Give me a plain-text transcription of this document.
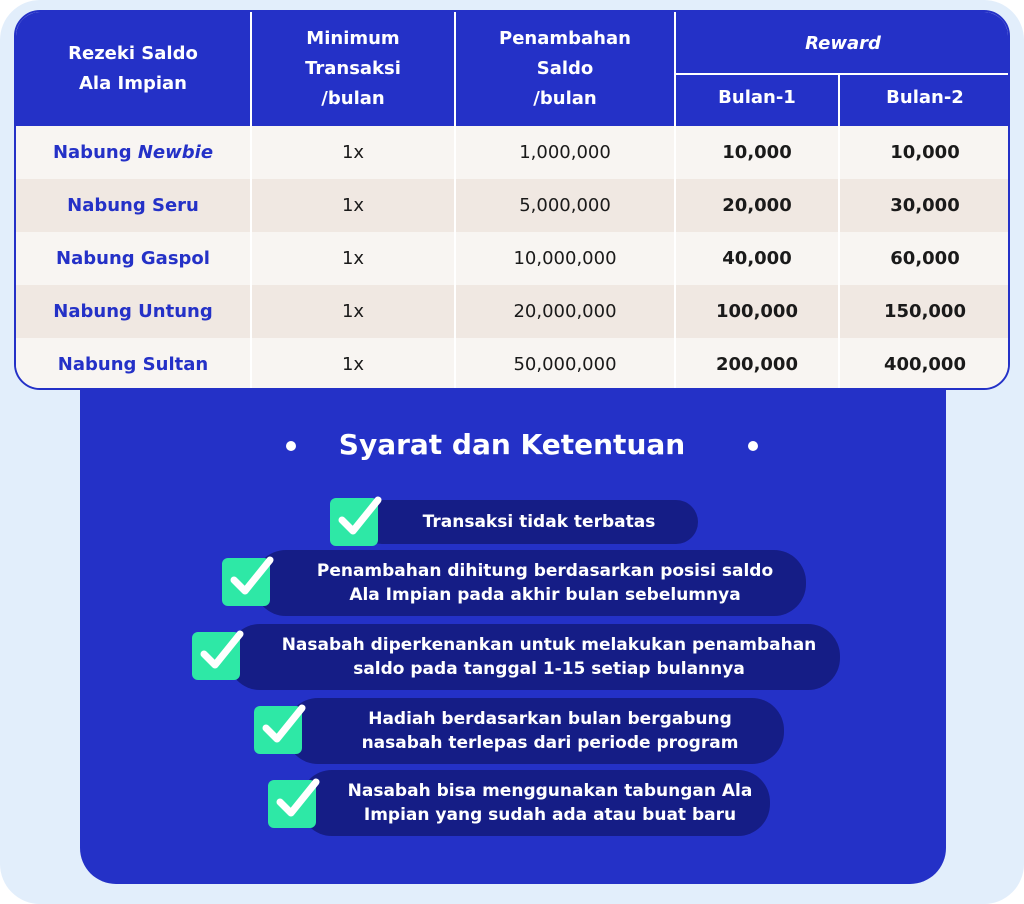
Rezeki Saldo
Ala Impian
Minimum
Transaksi
/bulan
Penambahan
Saldo
/bulan
Reward
Bulan-1	Bulan-2
Nabung Newbie	1x	1,000,000	10,000	10,000
Nabung Seru	1x	5,000,000	20,000	30,000
Nabung Gaspol	1x	10,000,000	40,000	60,000
Nabung Untung	1x	20,000,000	100,000	150,000
Nabung Sultan	1x	50,000,000	200,000	400,000
Syarat dan Ketentuan
Transaksi tidak terbatas
Penambahan dihitung berdasarkan posisi saldo
Ala Impian pada akhir bulan sebelumnya
Nasabah diperkenankan untuk melakukan penambahan
saldo pada tanggal 1-15 setiap bulannya
Hadiah berdasarkan bulan bergabung
nasabah terlepas dari periode program
Nasabah bisa menggunakan tabungan Ala
Impian yang sudah ada atau buat baru
